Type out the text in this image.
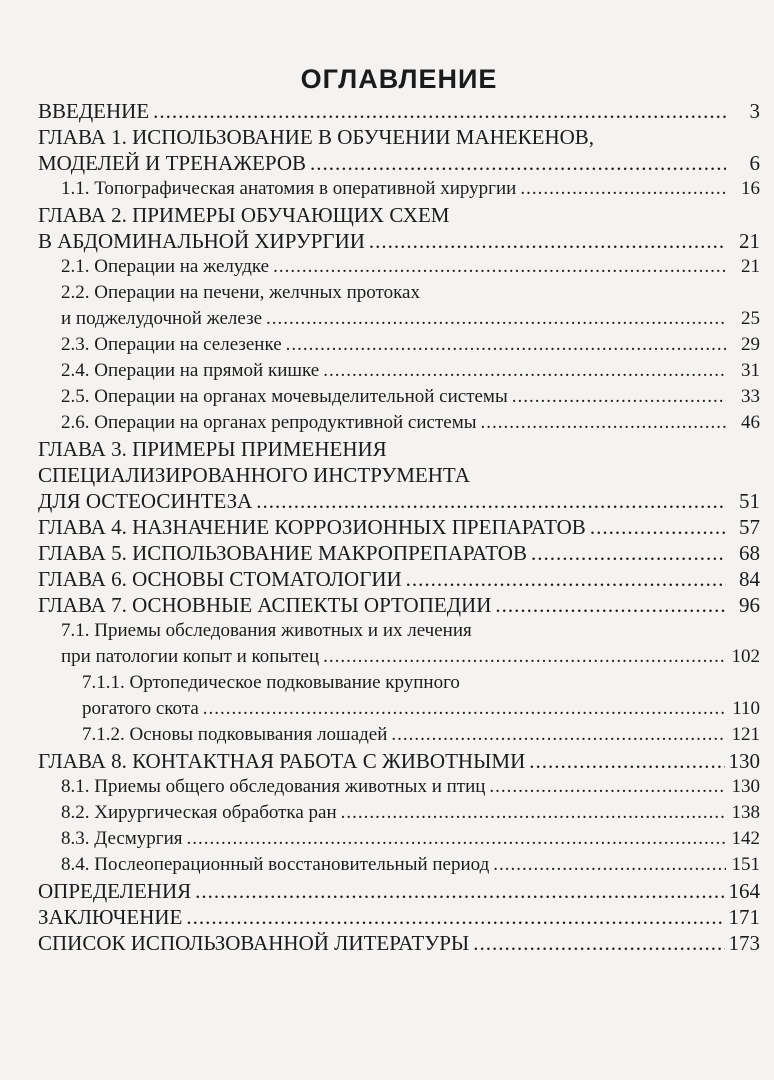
ОГЛАВЛЕНИЕ
ВВЕДЕНИЕ .....	3
ГЛАВА 1. ИСПОЛЬЗОВАНИЕ В ОБУЧЕНИИ МАНЕКЕНОВ,
МОДЕЛЕЙ И ТРЕНАЖЕРОВ .....	6
1.1. Топографическая анатомия в оперативной хирургии .....	16
ГЛАВА 2. ПРИМЕРЫ ОБУЧАЮЩИХ СХЕМ
В АБДОМИНАЛЬНОЙ ХИРУРГИИ .....	21
2.1. Операции на желудке .....	21
2.2. Операции на печени, желчных протоках
и поджелудочной железе .....	25
2.3. Операции на селезенке .....	29
2.4. Операции на прямой кишке .....	31
2.5. Операции на органах мочевыделительной системы .....	33
2.6. Операции на органах репродуктивной системы .....	46
ГЛАВА 3. ПРИМЕРЫ ПРИМЕНЕНИЯ
СПЕЦИАЛИЗИРОВАННОГО ИНСТРУМЕНТА
ДЛЯ ОСТЕОСИНТЕЗА .....	51
ГЛАВА 4. НАЗНАЧЕНИЕ КОРРОЗИОННЫХ ПРЕПАРАТОВ .....	57
ГЛАВА 5. ИСПОЛЬЗОВАНИЕ МАКРОПРЕПАРАТОВ .....	68
ГЛАВА 6. ОСНОВЫ СТОМАТОЛОГИИ .....	84
ГЛАВА 7. ОСНОВНЫЕ АСПЕКТЫ ОРТОПЕДИИ .....	96
7.1. Приемы обследования животных и их лечения
при патологии копыт и копытец .....	102
7.1.1. Ортопедическое подковывание крупного
рогатого скота .....	110
7.1.2. Основы подковывания лошадей .....	121
ГЛАВА 8. КОНТАКТНАЯ РАБОТА С ЖИВОТНЫМИ .....	130
8.1. Приемы общего обследования животных и птиц .....	130
8.2. Хирургическая обработка ран .....	138
8.3. Десмургия .....	142
8.4. Послеоперационный восстановительный период .....	151
ОПРЕДЕЛЕНИЯ .....	164
ЗАКЛЮЧЕНИЕ .....	171
СПИСОК ИСПОЛЬЗОВАННОЙ ЛИТЕРАТУРЫ .....	173
